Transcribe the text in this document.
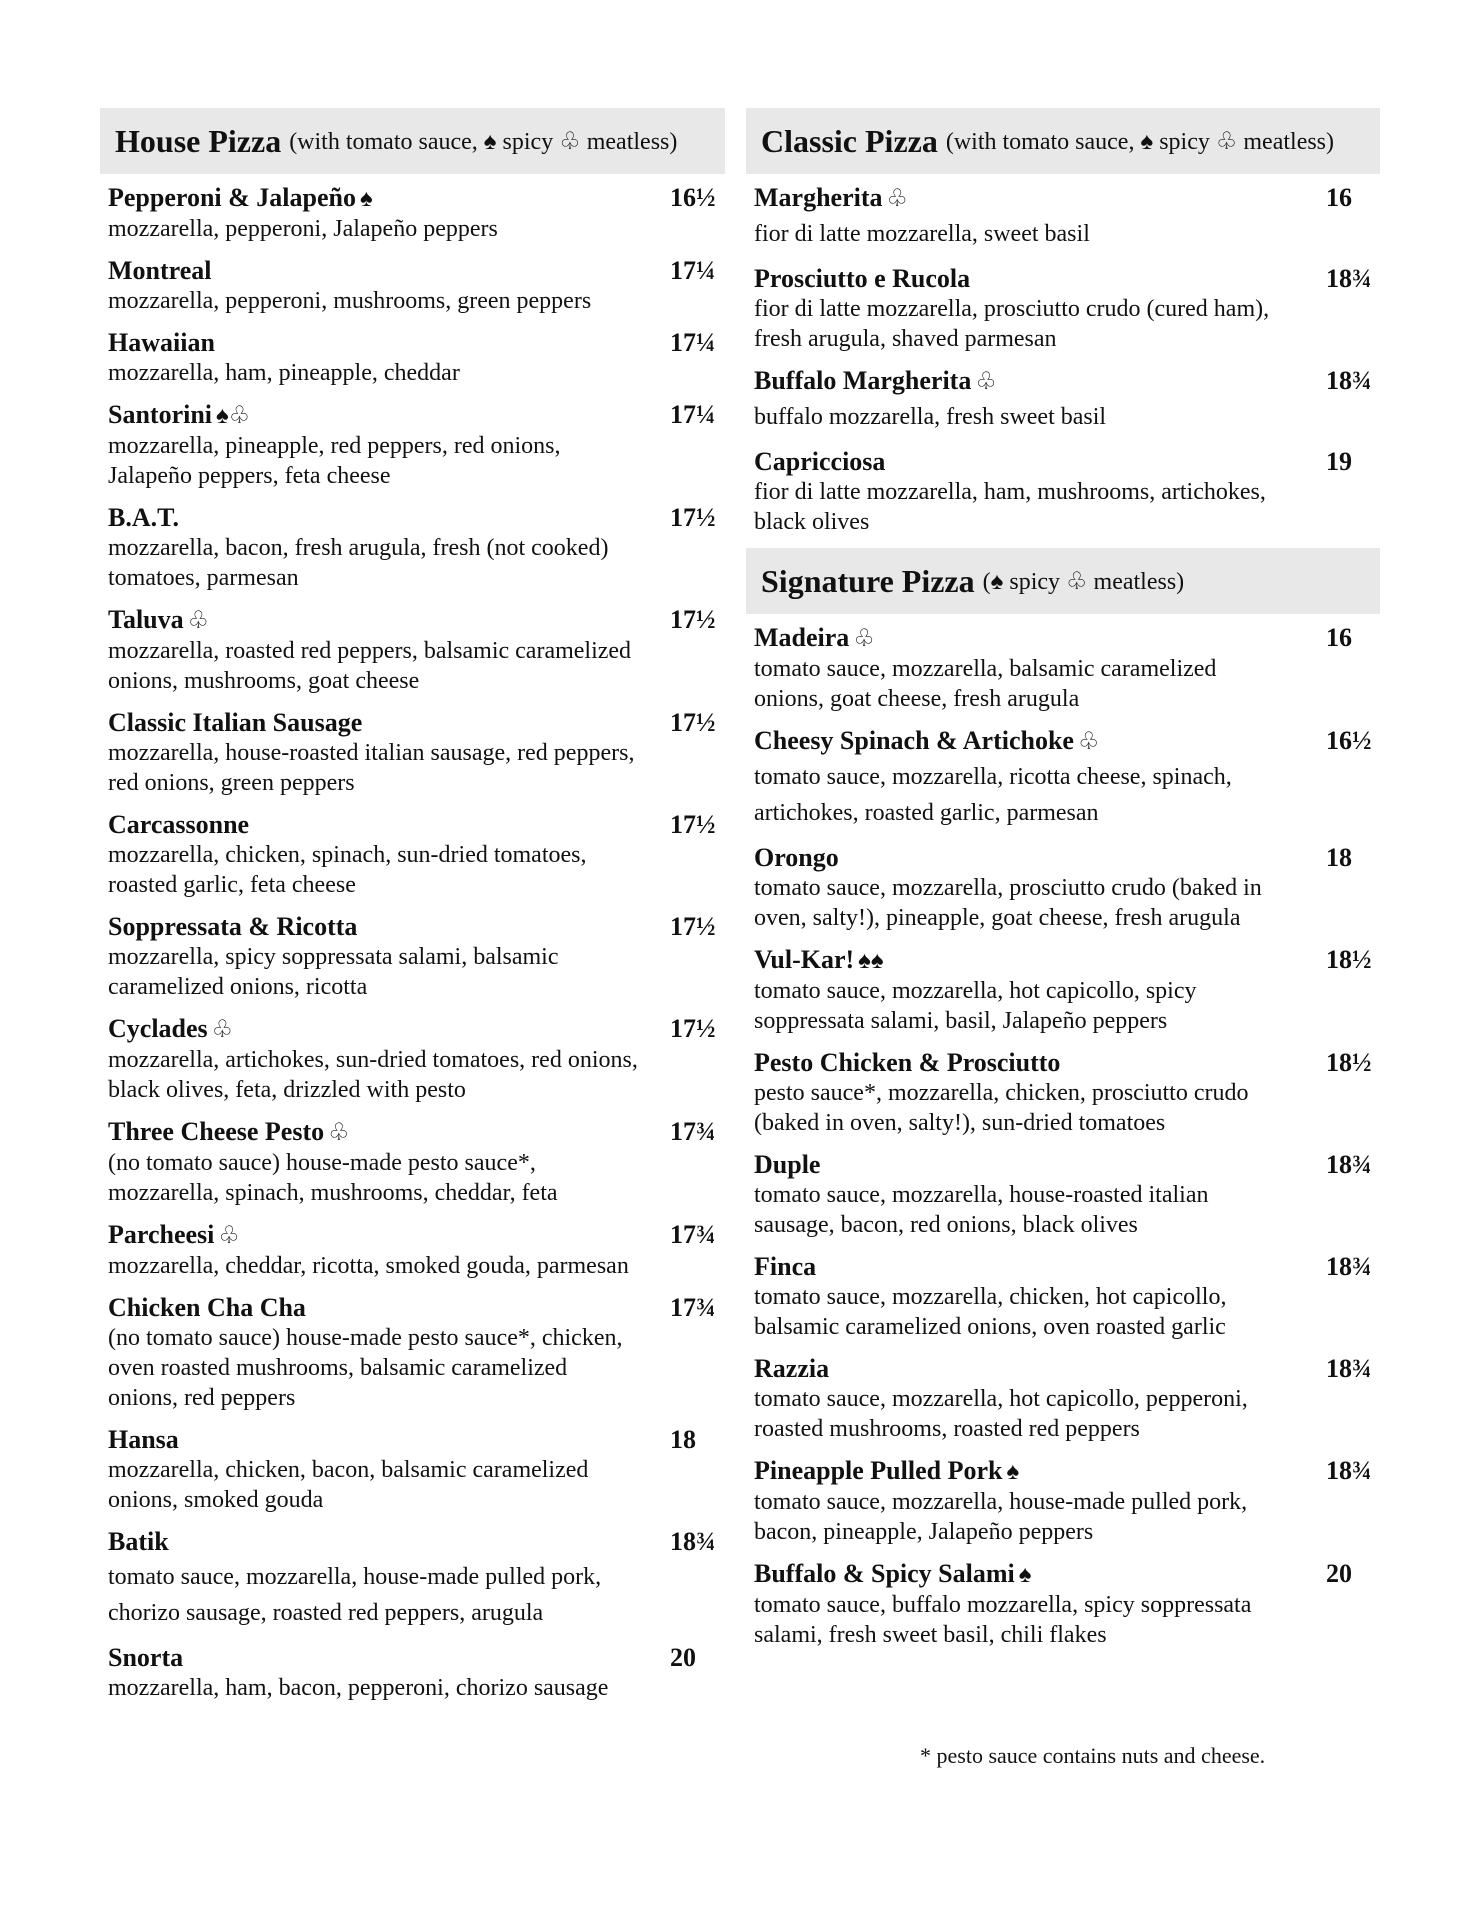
House Pizza (with tomato sauce, ♠ spicy ♧ meatless)
Pepperoni & Jalapeño ♠	16½
mozzarella, pepperoni, Jalapeño peppers
Montreal	17¼
mozzarella, pepperoni, mushrooms, green peppers
Hawaiian	17¼
mozzarella, ham, pineapple, cheddar
Santorini ♠♧	17¼
mozzarella, pineapple, red peppers, red onions, Jalapeño peppers, feta cheese
B.A.T.	17½
mozzarella, bacon, fresh arugula, fresh (not cooked) tomatoes, parmesan
Taluva ♧	17½
mozzarella, roasted red peppers, balsamic caramelized onions, mushrooms, goat cheese
Classic Italian Sausage	17½
mozzarella, house-roasted italian sausage, red peppers, red onions, green peppers
Carcassonne	17½
mozzarella, chicken, spinach, sun-dried tomatoes, roasted garlic, feta cheese
Soppressata & Ricotta	17½
mozzarella, spicy soppressata salami, balsamic caramelized onions, ricotta
Cyclades ♧	17½
mozzarella, artichokes, sun-dried tomatoes, red onions, black olives, feta, drizzled with pesto
Three Cheese Pesto ♧	17¾
(no tomato sauce) house-made pesto sauce*, mozzarella, spinach, mushrooms, cheddar, feta
Parcheesi ♧	17¾
mozzarella, cheddar, ricotta, smoked gouda, parmesan
Chicken Cha Cha	17¾
(no tomato sauce) house-made pesto sauce*, chicken, oven roasted mushrooms, balsamic caramelized onions, red peppers
Hansa	18
mozzarella, chicken, bacon, balsamic caramelized onions, smoked gouda
Batik	18¾
tomato sauce, mozzarella, house-made pulled pork, chorizo sausage, roasted red peppers, arugula
Snorta	20
mozzarella, ham, bacon, pepperoni, chorizo sausage
Classic Pizza (with tomato sauce, ♠ spicy ♧ meatless)
Margherita ♧	16
fior di latte mozzarella, sweet basil
Prosciutto e Rucola	18¾
fior di latte mozzarella, prosciutto crudo (cured ham), fresh arugula, shaved parmesan
Buffalo Margherita ♧	18¾
buffalo mozzarella, fresh sweet basil
Capricciosa	19
fior di latte mozzarella, ham, mushrooms, artichokes, black olives
Signature Pizza (♠ spicy ♧ meatless)
Madeira ♧	16
tomato sauce, mozzarella, balsamic caramelized onions, goat cheese, fresh arugula
Cheesy Spinach & Artichoke ♧	16½
tomato sauce, mozzarella, ricotta cheese, spinach, artichokes, roasted garlic, parmesan
Orongo	18
tomato sauce, mozzarella, prosciutto crudo (baked in oven, salty!), pineapple, goat cheese, fresh arugula
Vul-Kar! ♠♠	18½
tomato sauce, mozzarella, hot capicollo, spicy soppressata salami, basil, Jalapeño peppers
Pesto Chicken & Prosciutto	18½
pesto sauce*, mozzarella, chicken, prosciutto crudo (baked in oven, salty!), sun-dried tomatoes
Duple	18¾
tomato sauce, mozzarella, house-roasted italian sausage, bacon, red onions, black olives
Finca	18¾
tomato sauce, mozzarella, chicken, hot capicollo, balsamic caramelized onions, oven roasted garlic
Razzia	18¾
tomato sauce, mozzarella, hot capicollo, pepperoni, roasted mushrooms, roasted red peppers
Pineapple Pulled Pork ♠	18¾
tomato sauce, mozzarella, house-made pulled pork, bacon, pineapple, Jalapeño peppers
Buffalo & Spicy Salami ♠	20
tomato sauce, buffalo mozzarella, spicy soppressata salami, fresh sweet basil, chili flakes
* pesto sauce contains nuts and cheese.
